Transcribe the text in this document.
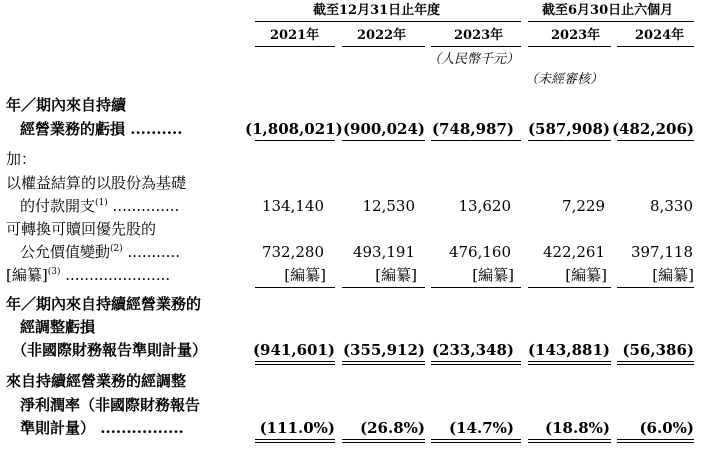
截至12月31日止年度	截至6月30日止六個月
2021年	2022年	2023年	2023年	2024年
（人民幣千元）
（未經審核）
年／期內來自持續
經營業務的虧損 ..........	(1,808,021) (900,024) (748,987) (587,908) (482,206)
加：
以權益結算的以股份為基礎
的付款開支$^{(1)}$ ..............	134,140	12,530	13,620	7,229	8,330
可轉換可贖回優先股的
公允價值變動$^{(2)}$ ...........	732,280	493,191	476,160	422,261	397,118
[編纂]$^{(3)}$ ......................	[編纂]	[編纂]	[編纂]	[編纂]	[編纂]
年／期內來自持續經營業務的
經調整虧損
（非國際財務報告準則計量）	(941,601) (355,912) (233,348) (143,881) (56,386)
來自持續經營業務的經調整
淨利潤率（非國際財務報告
準則計量） ................	(111.0%)	(26.8%)	(14.7%)	(18.8%)	(6.0%)
